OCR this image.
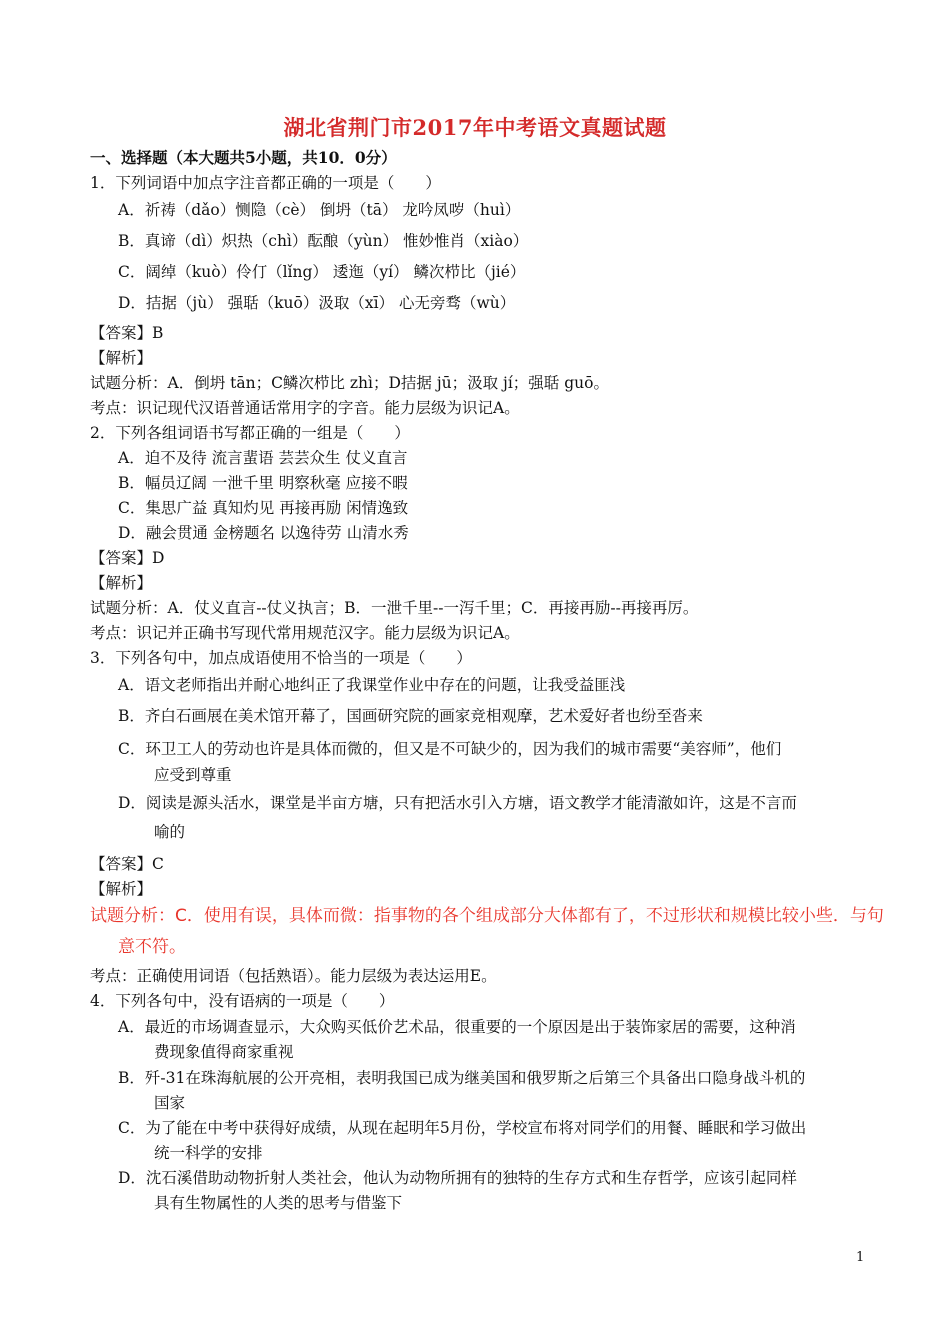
湖北省荆门市2017年中考语文真题试题
一、选择题（本大题共5小题，共10．0分）
1．下列词语中加点字注音都正确的一项是（　　）
A．祈祷（dǎo）恻隐（cè） 倒坍（tā） 龙吟凤哕（huì）
B．真谛（dì）炽热（chì）酝酿（yùn） 惟妙惟肖（xiào）
C．阔绰（kuò）伶仃（lǐng） 逶迤（yí） 鳞次栉比（jié）
D．拮据（jù） 强聒（kuō）汲取（xī） 心无旁骛（wù）
【答案】B
【解析】
试题分析：A．倒坍 tān；C鳞次栉比 zhì；D拮据 jū；汲取 jí；强聒 guō。
考点：识记现代汉语普通话常用字的字音。能力层级为识记A。
2．下列各组词语书写都正确的一组是（　　）
A．迫不及待 流言蜚语 芸芸众生 仗义直言
B．幅员辽阔 一泄千里 明察秋毫 应接不暇
C．集思广益 真知灼见 再接再励 闲情逸致
D．融会贯通 金榜题名 以逸待劳 山清水秀
【答案】D
【解析】
试题分析：A．仗义直言--仗义执言；B．一泄千里--一泻千里；C．再接再励--再接再厉。
考点：识记并正确书写现代常用规范汉字。能力层级为识记A。
3．下列各句中，加点成语使用不恰当的一项是（　　）
A．语文老师指出并耐心地纠正了我课堂作业中存在的问题，让我受益匪浅
B．齐白石画展在美术馆开幕了，国画研究院的画家竞相观摩，艺术爱好者也纷至沓来
C．环卫工人的劳动也许是具体而微的，但又是不可缺少的，因为我们的城市需要“美容师”，他们
应受到尊重
D．阅读是源头活水，课堂是半亩方塘，只有把活水引入方塘，语文教学才能清澈如许，这是不言而
喻的
【答案】C
【解析】
试题分析：C．使用有误，具体而微：指事物的各个组成部分大体都有了，不过形状和规模比较小些．与句
意不符。
考点：正确使用词语（包括熟语）。能力层级为表达运用E。
4．下列各句中，没有语病的一项是（　　）
A．最近的市场调查显示，大众购买低价艺术品，很重要的一个原因是出于装饰家居的需要，这种消
费现象值得商家重视
B．歼-31在珠海航展的公开亮相，表明我国已成为继美国和俄罗斯之后第三个具备出口隐身战斗机的
国家
C．为了能在中考中获得好成绩，从现在起明年5月份，学校宣布将对同学们的用餐、睡眠和学习做出
统一科学的安排
D．沈石溪借助动物折射人类社会，他认为动物所拥有的独特的生存方式和生存哲学，应该引起同样
具有生物属性的人类的思考与借鉴下
1
